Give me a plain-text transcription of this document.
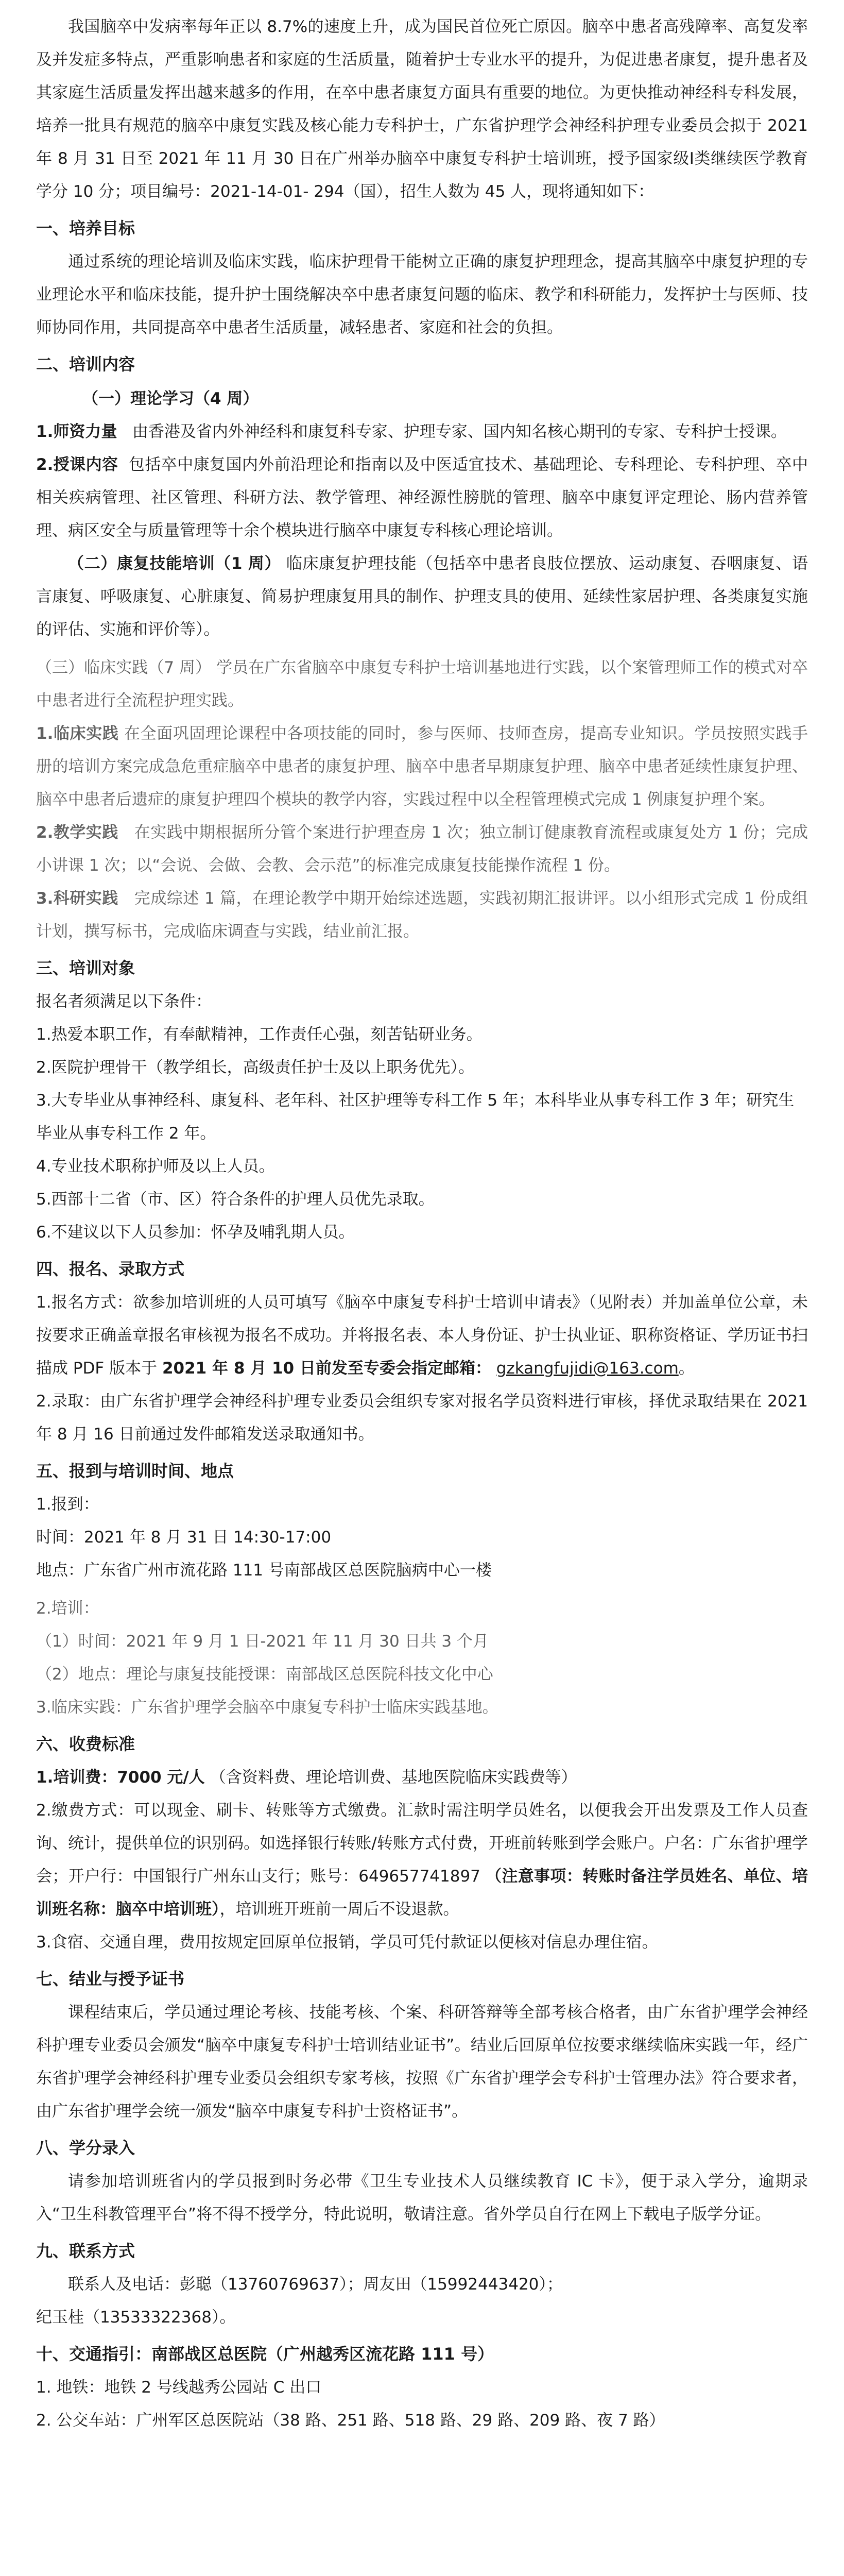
我国脑卒中发病率每年正以 8.7%的速度上升，成为国民首位死亡原因。脑卒中患者高残障率、高复发率及并发症多特点，严重影响患者和家庭的生活质量，随着护士专业水平的提升，为促进患者康复，提升患者及其家庭生活质量发挥出越来越多的作用，在卒中患者康复方面具有重要的地位。为更快推动神经科专科发展，培养一批具有规范的脑卒中康复实践及核心能力专科护士，广东省护理学会神经科护理专业委员会拟于 2021 年 8 月 31 日至 2021 年 11 月 30 日在广州举办脑卒中康复专科护士培训班，授予国家级Ⅰ类继续医学教育学分 10 分；项目编号：2021-14-01- 294（国），招生人数为 45 人，现将通知如下：

一、培养目标

通过系统的理论培训及临床实践，临床护理骨干能树立正确的康复护理理念，提高其脑卒中康复护理的专业理论水平和临床技能，提升护士围绕解决卒中患者康复问题的临床、教学和科研能力，发挥护士与医师、技师协同作用，共同提高卒中患者生活质量，减轻患者、家庭和社会的负担。

二、培训内容
（一）理论学习（4 周）

1.师资力量 由香港及省内外神经科和康复科专家、护理专家、国内知名核心期刊的专家、专科护士授课。

2.授课内容 包括卒中康复国内外前沿理论和指南以及中医适宜技术、基础理论、专科理论、专科护理、卒中相关疾病管理、社区管理、科研方法、教学管理、神经源性膀胱的管理、脑卒中康复评定理论、肠内营养管理、病区安全与质量管理等十余个模块进行脑卒中康复专科核心理论培训。

（二）康复技能培训（1 周） 临床康复护理技能（包括卒中患者良肢位摆放、运动康复、吞咽康复、语言康复、呼吸康复、心脏康复、简易护理康复用具的制作、护理支具的使用、延续性家居护理、各类康复实施的评估、实施和评价等）。

（三）临床实践（7 周） 学员在广东省脑卒中康复专科护士培训基地进行实践，以个案管理师工作的模式对卒中患者进行全流程护理实践。

1.临床实践 在全面巩固理论课程中各项技能的同时，参与医师、技师查房，提高专业知识。学员按照实践手册的培训方案完成急危重症脑卒中患者的康复护理、脑卒中患者早期康复护理、脑卒中患者延续性康复护理、脑卒中患者后遗症的康复护理四个模块的教学内容，实践过程中以全程管理模式完成 1 例康复护理个案。

2.教学实践 在实践中期根据所分管个案进行护理查房 1 次；独立制订健康教育流程或康复处方 1 份；完成小讲课 1 次；以“会说、会做、会教、会示范”的标准完成康复技能操作流程 1 份。

3.科研实践 完成综述 1 篇，在理论教学中期开始综述选题，实践初期汇报讲评。以小组形式完成 1 份成组计划，撰写标书，完成临床调查与实践，结业前汇报。

三、培训对象

报名者须满足以下条件：

1.热爱本职工作，有奉献精神，工作责任心强，刻苦钻研业务。

2.医院护理骨干（教学组长，高级责任护士及以上职务优先）。

3.大专毕业从事神经科、康复科、老年科、社区护理等专科工作 5 年；本科毕业从事专科工作 3 年；研究生毕业从事专科工作 2 年。

4.专业技术职称护师及以上人员。

5.西部十二省（市、区）符合条件的护理人员优先录取。

6.不建议以下人员参加：怀孕及哺乳期人员。

四、报名、录取方式

1.报名方式：欲参加培训班的人员可填写《脑卒中康复专科护士培训申请表》（见附表）并加盖单位公章，未按要求正确盖章报名审核视为报名不成功。并将报名表、本人身份证、护士执业证、职称资格证、学历证书扫描成 PDF 版本于 2021 年 8 月 10 日前发至专委会指定邮箱： gzkangfujidi@163.com。

2.录取：由广东省护理学会神经科护理专业委员会组织专家对报名学员资料进行审核，择优录取结果在 2021 年 8 月 16 日前通过发件邮箱发送录取通知书。

五、报到与培训时间、地点

1.报到：

时间：2021 年 8 月 31 日 14:30-17:00

地点：广东省广州市流花路 111 号南部战区总医院脑病中心一楼

2.培训：

（1）时间：2021 年 9 月 1 日-2021 年 11 月 30 日共 3 个月

（2）地点：理论与康复技能授课：南部战区总医院科技文化中心

3.临床实践：广东省护理学会脑卒中康复专科护士临床实践基地。

六、收费标准

1.培训费：7000 元/人 （含资料费、理论培训费、基地医院临床实践费等）

2.缴费方式：可以现金、刷卡、转账等方式缴费。汇款时需注明学员姓名，以便我会开出发票及工作人员查询、统计，提供单位的识别码。如选择银行转账/转账方式付费，开班前转账到学会账户。户名：广东省护理学会；开户行：中国银行广州东山支行；账号：649657741897 （注意事项：转账时备注学员姓名、单位、培训班名称：脑卒中培训班），培训班开班前一周后不设退款。

3.食宿、交通自理，费用按规定回原单位报销，学员可凭付款证以便核对信息办理住宿。

七、结业与授予证书

课程结束后，学员通过理论考核、技能考核、个案、科研答辩等全部考核合格者，由广东省护理学会神经科护理专业委员会颁发“脑卒中康复专科护士培训结业证书”。结业后回原单位按要求继续临床实践一年，经广东省护理学会神经科护理专业委员会组织专家考核，按照《广东省护理学会专科护士管理办法》符合要求者，由广东省护理学会统一颁发“脑卒中康复专科护士资格证书”。

八、学分录入

请参加培训班省内的学员报到时务必带《卫生专业技术人员继续教育 IC 卡》，便于录入学分，逾期录入“卫生科教管理平台”将不得不授学分，特此说明，敬请注意。省外学员自行在网上下载电子版学分证。

九、联系方式

联系人及电话：彭聪（13760769637）；周友田（15992443420）；

纪玉桂（13533322368）。

十、交通指引：南部战区总医院（广州越秀区流花路 111 号）

1. 地铁：地铁 2 号线越秀公园站 C 出口

2. 公交车站：广州军区总医院站（38 路、251 路、518 路、29 路、209 路、夜 7 路）
